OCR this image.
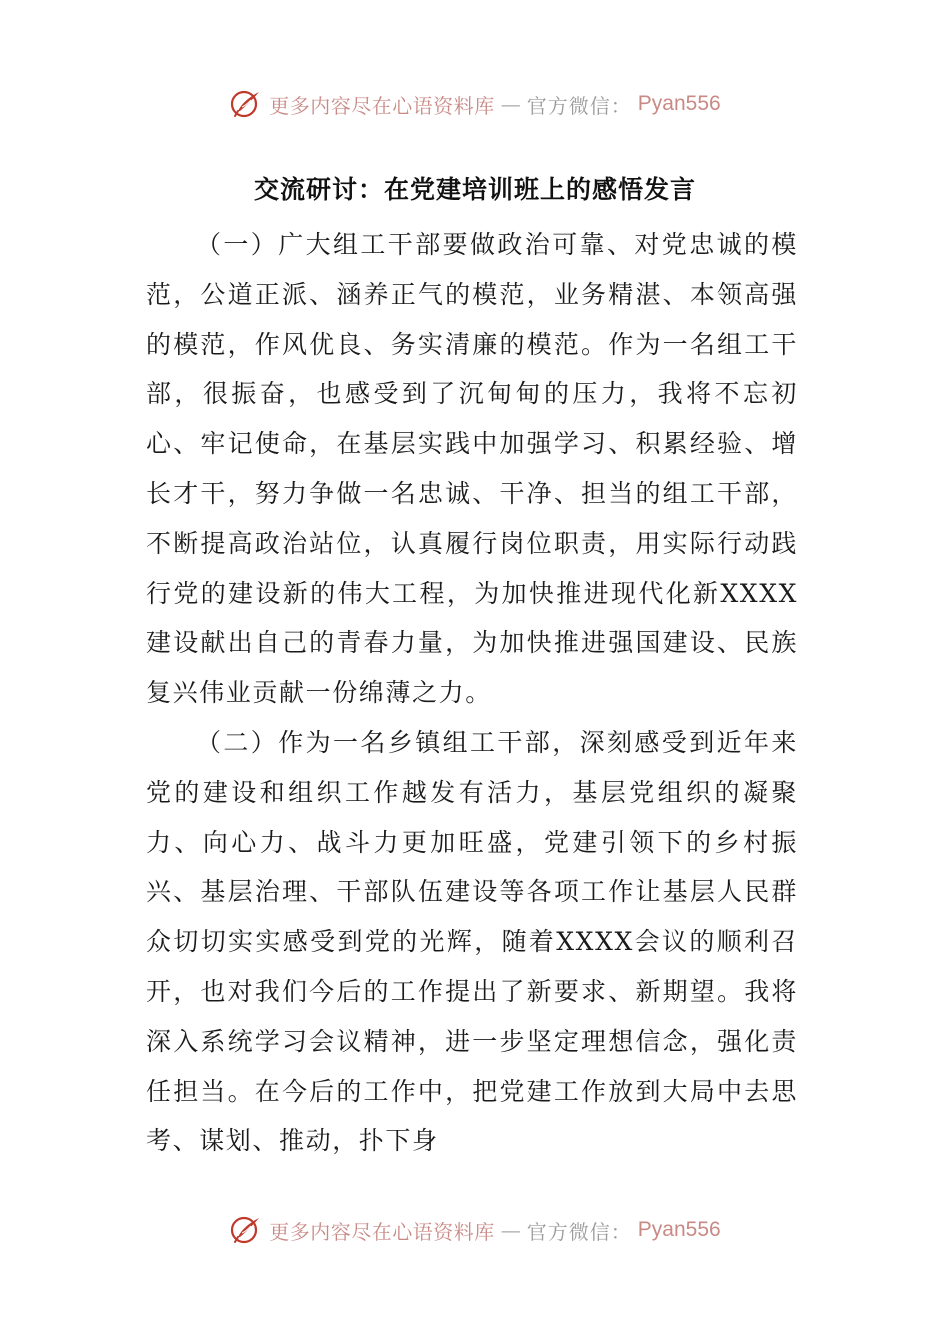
更多内容尽在心语资料库 — 官方微信： Pyan556
交流研讨：在党建培训班上的感悟发言

（一）广大组工干部要做政治可靠、对党忠诚的模范，公道正派、涵养正气的模范，业务精湛、本领高强的模范，作风优良、务实清廉的模范。作为一名组工干部，很振奋，也感受到了沉甸甸的压力，我将不忘初心、牢记使命，在基层实践中加强学习、积累经验、增长才干，努力争做一名忠诚、干净、担当的组工干部，不断提高政治站位，认真履行岗位职责，用实际行动践行党的建设新的伟大工程，为加快推进现代化新XXXX建设献出自己的青春力量，为加快推进强国建设、民族复兴伟业贡献一份绵薄之力。

（二）作为一名乡镇组工干部，深刻感受到近年来党的建设和组织工作越发有活力，基层党组织的凝聚力、向心力、战斗力更加旺盛，党建引领下的乡村振兴、基层治理、干部队伍建设等各项工作让基层人民群众切切实实感受到党的光辉，随着XXXX会议的顺利召开，也对我们今后的工作提出了新要求、新期望。我将深入系统学习会议精神，进一步坚定理想信念，强化责任担当。在今后的工作中，把党建工作放到大局中去思考、谋划、推动，扑下身

更多内容尽在心语资料库 — 官方微信： Pyan556
